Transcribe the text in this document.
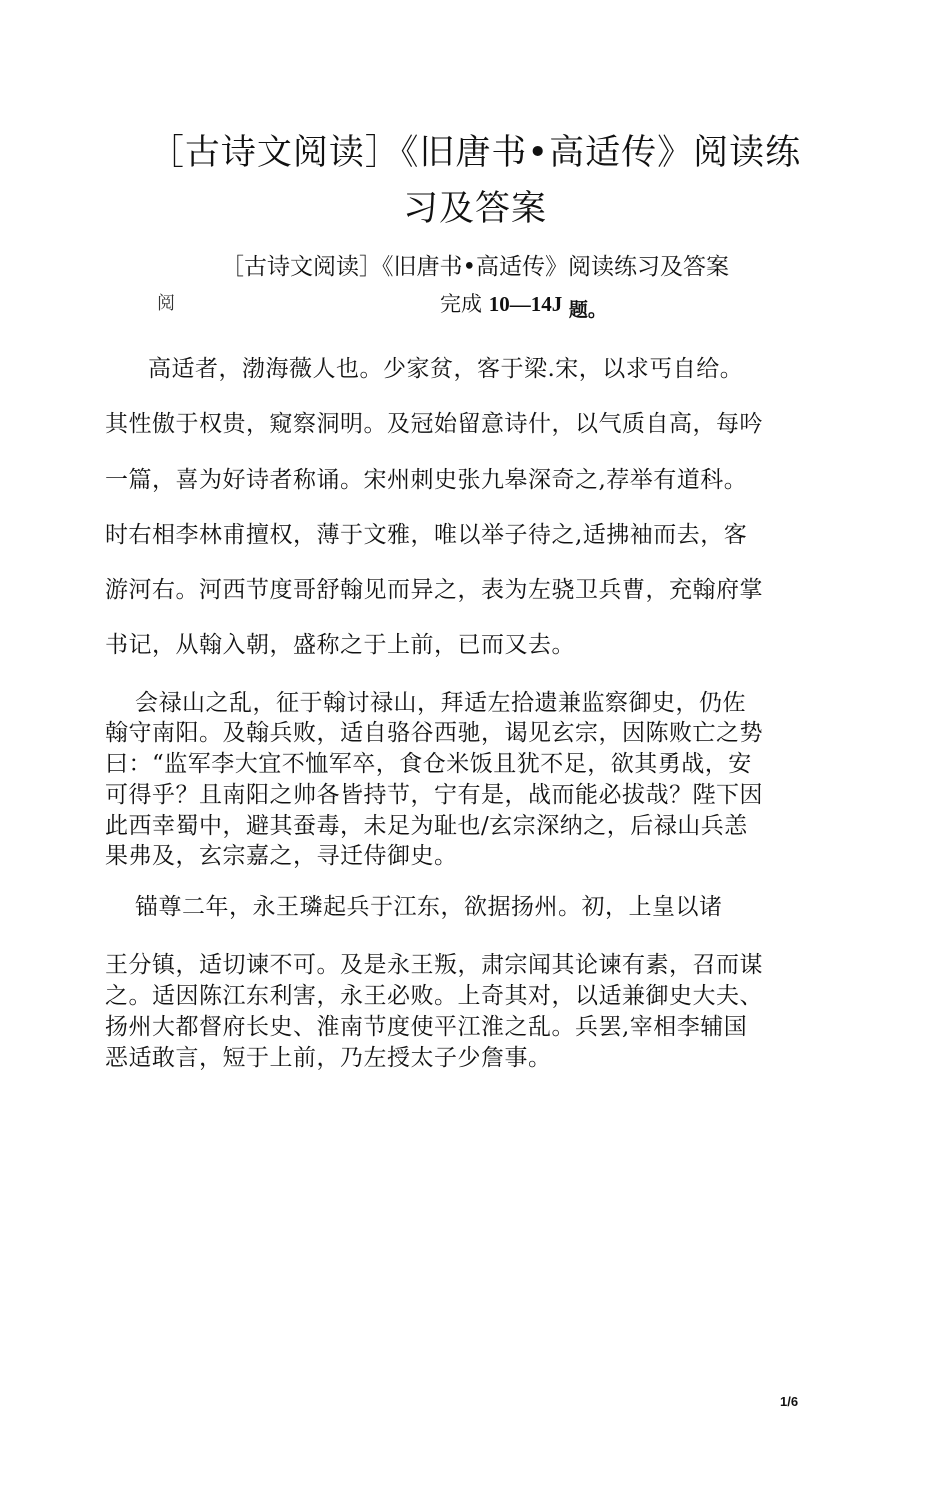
［古诗文阅读］《旧唐书•高适传》阅读练
习及答案
［古诗文阅读］《旧唐书•高适传》阅读练习及答案
阅	完成 10—14J 题。
高适者，渤海薇人也。少家贫，客于梁.宋，以求丐自给。
其性傲于权贵，窥察洞明。及冠始留意诗什，以气质自高，每吟
一篇，喜为好诗者称诵。宋州刺史张九皋深奇之,荐举有道科。
时右相李林甫擅权，薄于文雅，唯以举子待之,适拂袖而去，客
游河右。河西节度哥舒翰见而异之，表为左骁卫兵曹，充翰府掌
书记，从翰入朝，盛称之于上前，已而又去。
会禄山之乱，征于翰讨禄山，拜适左拾遗兼监察御史，仍佐
翰守南阳。及翰兵败，适自骆谷西驰，谒见玄宗，因陈败亡之势
曰：“监军李大宜不恤军卒，食仓米饭且犹不足，欲其勇战，安
可得乎？且南阳之帅各皆持节，宁有是，战而能必拔哉？陛下因
此西幸蜀中，避其蚕毒，未足为耻也/玄宗深纳之，后禄山兵恙
果弗及，玄宗嘉之，寻迁侍御史。
锚尊二年，永王璘起兵于江东，欲据扬州。初，上皇以诸
王分镇，适切谏不可。及是永王叛，肃宗闻其论谏有素，召而谋
之。适因陈江东利害，永王必败。上奇其对，以适兼御史大夫、
扬州大都督府长史、淮南节度使平江淮之乱。兵罢,宰相李辅国
恶适敢言，短于上前，乃左授太子少詹事。
1/6
